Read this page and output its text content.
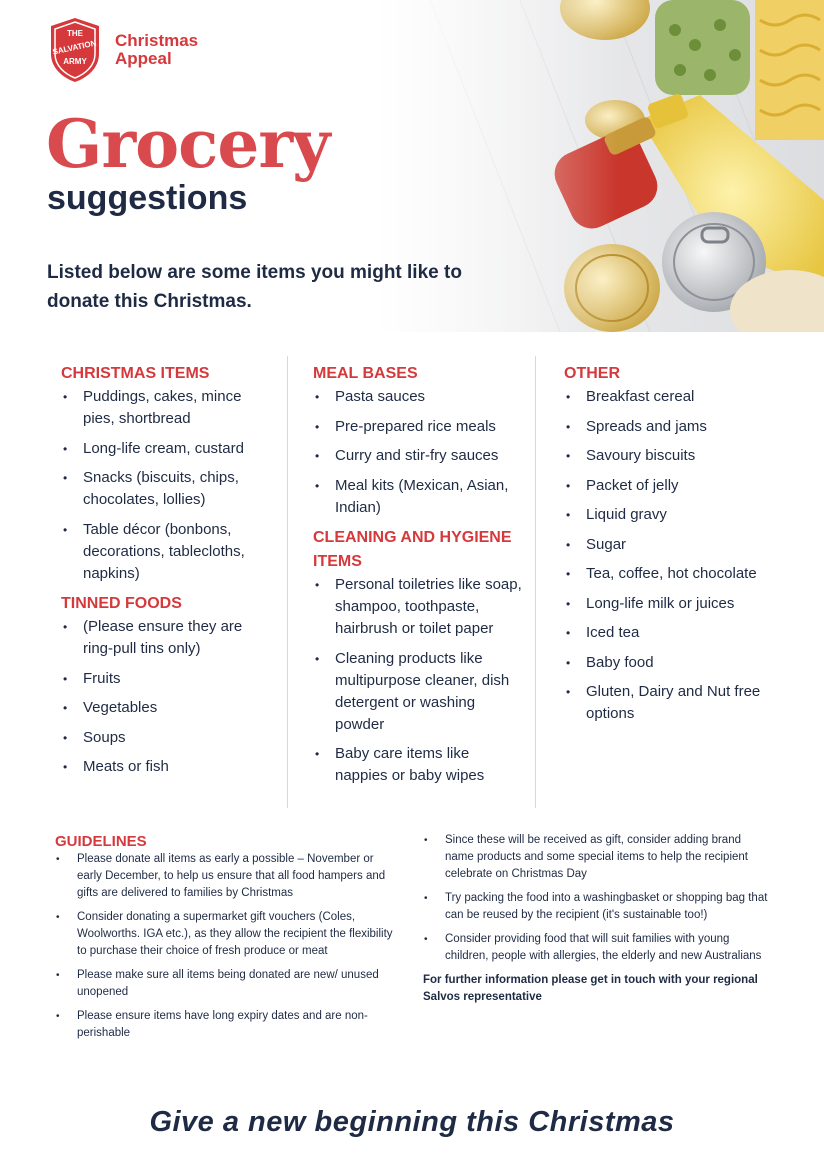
THE
SALVATION
ARMY
Christmas
Appeal
Grocery
suggestions
Listed below are some items you might like to donate this Christmas.
CHRISTMAS ITEMS
• Puddings, cakes, mince pies, shortbread
• Long-life cream, custard
• Snacks (biscuits, chips, chocolates, lollies)
• Table décor (bonbons, decorations, tablecloths, napkins)
TINNED FOODS
• (Please ensure they are ring-pull tins only)
• Fruits
• Vegetables
• Soups
• Meats or fish
MEAL BASES
• Pasta sauces
• Pre-prepared rice meals
• Curry and stir-fry sauces
• Meal kits (Mexican, Asian, Indian)
CLEANING AND HYGIENE ITEMS
• Personal toiletries like soap, shampoo, toothpaste, hairbrush or toilet paper
• Cleaning products like multipurpose cleaner, dish detergent or washing powder
• Baby care items like nappies or baby wipes
OTHER
• Breakfast cereal
• Spreads and jams
• Savoury biscuits
• Packet of jelly
• Liquid gravy
• Sugar
• Tea, coffee, hot chocolate
• Long-life milk or juices
• Iced tea
• Baby food
• Gluten, Dairy and Nut free options
GUIDELINES
• Please donate all items as early a possible – November or early December, to help us ensure that all food hampers and gifts are delivered to families by Christmas
• Consider donating a supermarket gift vouchers (Coles, Woolworths. IGA etc.), as they allow the recipient the flexibility to purchase their choice of fresh produce or meat
• Please make sure all items being donated are new/ unused unopened
• Please ensure items have long expiry dates and are non-perishable
• Since these will be received as gift, consider adding brand name products and some special items to help the recipient celebrate on Christmas Day
• Try packing the food into a washingbasket or shopping bag that can be reused by the recipient (it's sustainable too!)
• Consider providing food that will suit families with young children, people with allergies, the elderly and new Australians
For further information please get in touch with your regional Salvos representative
Give a new beginning this Christmas
